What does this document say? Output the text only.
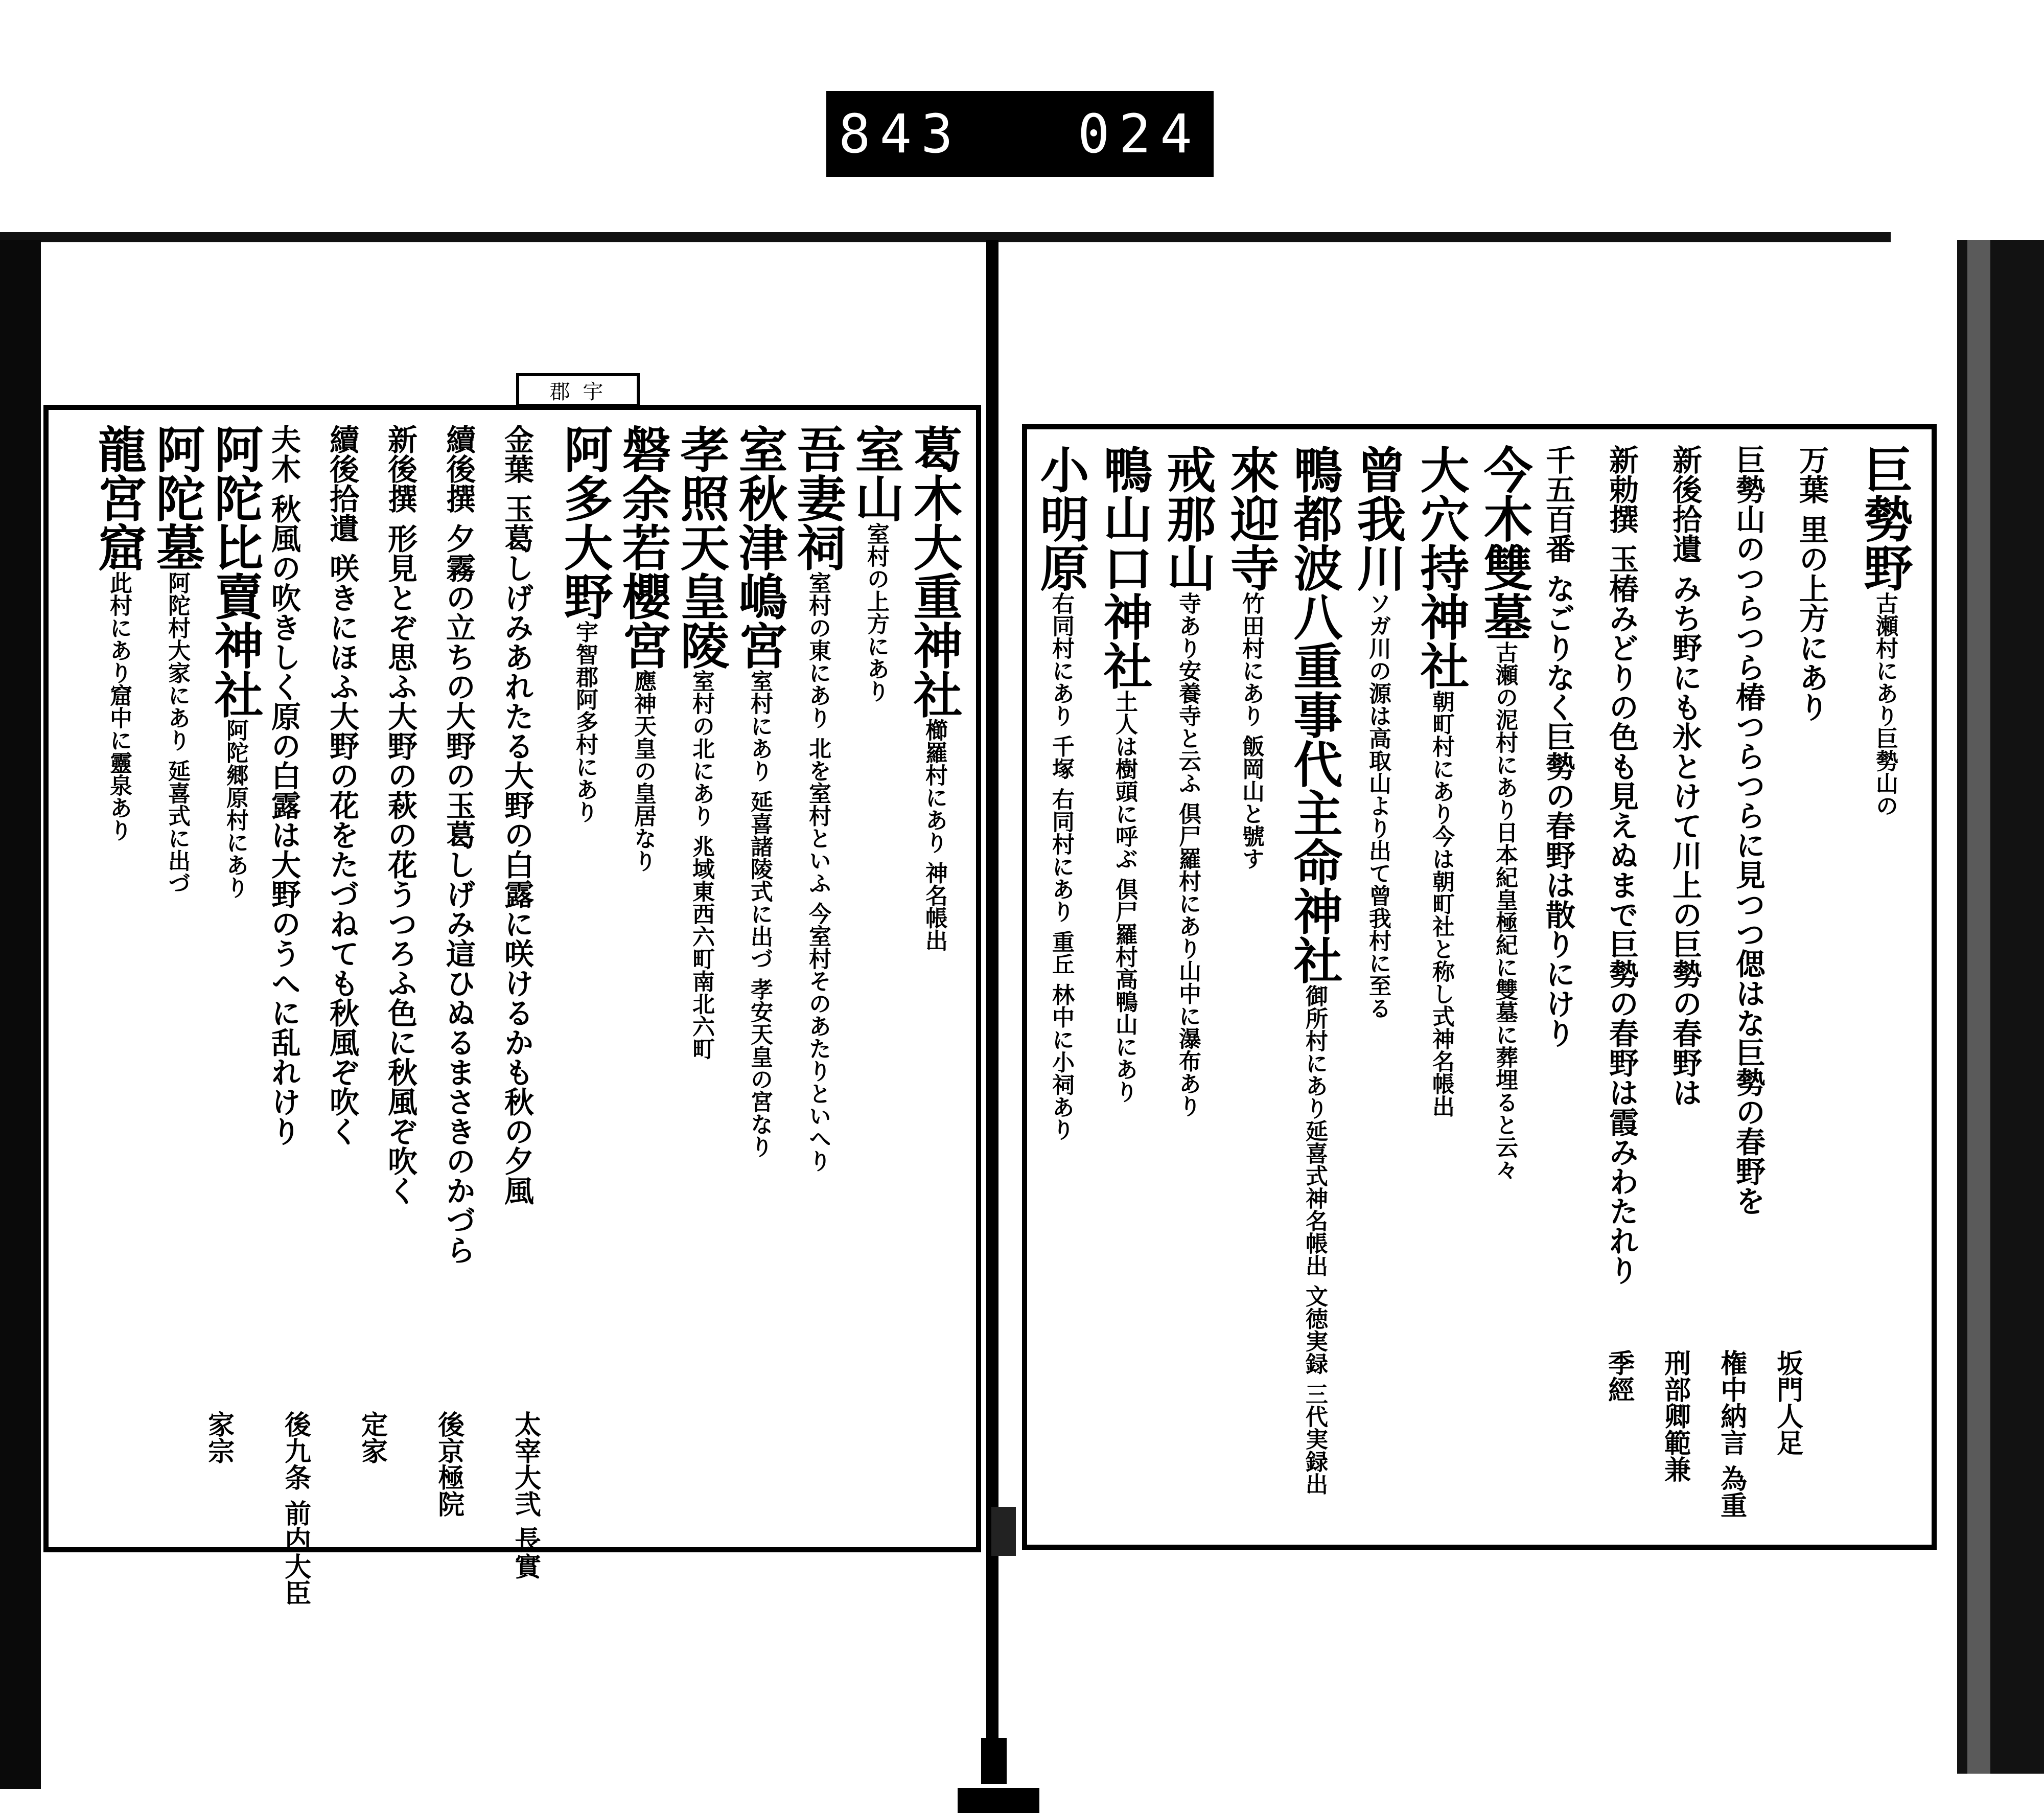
843 024
郡 宇
巨勢野古瀬村にあり巨勢山の
万葉 里の上方にあり
巨勢山のつらつら椿つらつらに見つつ偲はな巨勢の春野を
新後拾遺 みち野にも氷とけて川上の巨勢の春野は
新勅撰 玉椿みどりの色も見えぬまで巨勢の春野は霞みわたれり
千五百番 なごりなく巨勢の春野は散りにけり
今木雙墓古瀬の泥村にあり日本紀皇極紀に雙墓に葬埋ると云々
大穴持神社朝町村にあり今は朝町社と称し式神名帳出
曾我川ソガ川の源は高取山より出て曾我村に至る
鴨都波八重事代主命神社御所村にあり延喜式神名帳出 文徳実録 三代実録出
來迎寺竹田村にあり 飯岡山と號す
戒那山寺あり安養寺と云ふ 倶尸羅村にあり山中に瀑布あり
鴨山口神社土人は樹頭に呼ぶ 倶尸羅村高鴨山にあり
小明原右同村にあり 千塚 右同村にあり 重丘 林中に小祠あり
坂門人足
権中納言 為重
刑部卿範兼
季經
葛木大重神社櫛羅村にあり 神名帳出
室山室村の上方にあり
吾妻祠室村の東にあり 北を室村といふ 今室村そのあたりといへり
室秋津嶋宮室村にあり 延喜諸陵式に出づ 孝安天皇の宮なり
孝照天皇陵室村の北にあり 兆域東西六町南北六町
磐余若櫻宮應神天皇の皇居なり
阿多大野宇智郡阿多村にあり
金葉 玉葛しげみあれたる大野の白露に咲けるかも秋の夕風
續後撰 夕霧の立ちの大野の玉葛しげみ這ひぬるまさきのかづら
新後撰 形見とぞ思ふ大野の萩の花うつろふ色に秋風ぞ吹く
續後拾遺 咲きにほふ大野の花をたづねても秋風ぞ吹く
夫木 秋風の吹きしく原の白露は大野のうへに乱れけり
阿陀比賣神社阿陀郷原村にあり
阿陀墓阿陀村大家にあり 延喜式に出づ
龍宮窟此村にあり窟中に靈泉あり
太宰大弐 長實
後京極院
定家
後九条 前内大臣
家宗
